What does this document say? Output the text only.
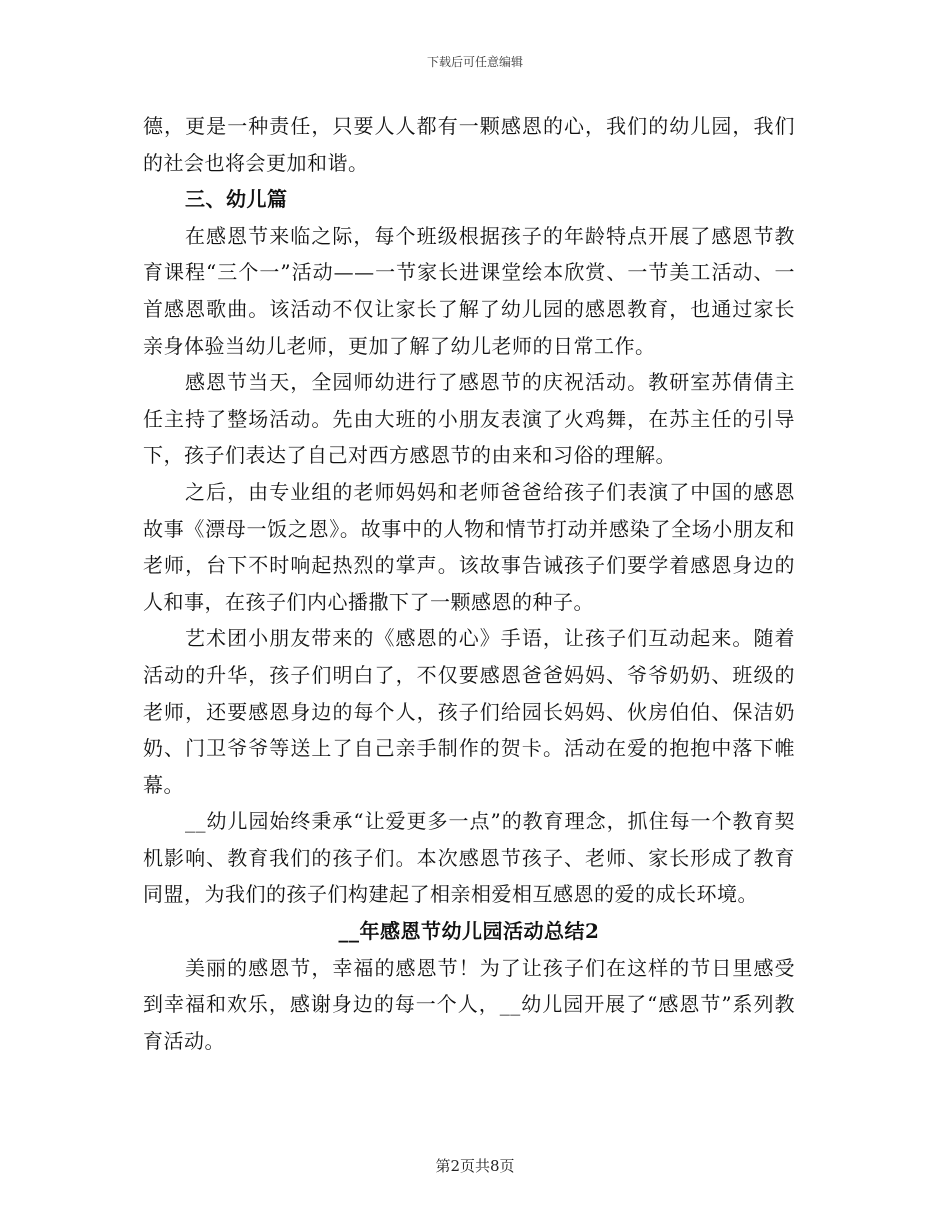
下载后可任意编辑

德，更是一种责任，只要人人都有一颗感恩的心，我们的幼儿园，我们的社会也将会更加和谐。

三、幼儿篇

在感恩节来临之际，每个班级根据孩子的年龄特点开展了感恩节教育课程“三个一”活动——一节家长进课堂绘本欣赏、一节美工活动、一首感恩歌曲。该活动不仅让家长了解了幼儿园的感恩教育，也通过家长亲身体验当幼儿老师，更加了解了幼儿老师的日常工作。

感恩节当天，全园师幼进行了感恩节的庆祝活动。教研室苏倩倩主任主持了整场活动。先由大班的小朋友表演了火鸡舞，在苏主任的引导下，孩子们表达了自己对西方感恩节的由来和习俗的理解。

之后，由专业组的老师妈妈和老师爸爸给孩子们表演了中国的感恩故事《漂母一饭之恩》。故事中的人物和情节打动并感染了全场小朋友和老师，台下不时响起热烈的掌声。该故事告诫孩子们要学着感恩身边的人和事，在孩子们内心播撒下了一颗感恩的种子。

艺术团小朋友带来的《感恩的心》手语，让孩子们互动起来。随着活动的升华，孩子们明白了，不仅要感恩爸爸妈妈、爷爷奶奶、班级的老师，还要感恩身边的每个人，孩子们给园长妈妈、伙房伯伯、保洁奶奶、门卫爷爷等送上了自己亲手制作的贺卡。活动在爱的抱抱中落下帷幕。

__幼儿园始终秉承“让爱更多一点”的教育理念，抓住每一个教育契机影响、教育我们的孩子们。本次感恩节孩子、老师、家长形成了教育同盟，为我们的孩子们构建起了相亲相爱相互感恩的爱的成长环境。

__年感恩节幼儿园活动总结2

美丽的感恩节，幸福的感恩节！为了让孩子们在这样的节日里感受到幸福和欢乐，感谢身边的每一个人，__幼儿园开展了“感恩节”系列教育活动。

第2页共8页
